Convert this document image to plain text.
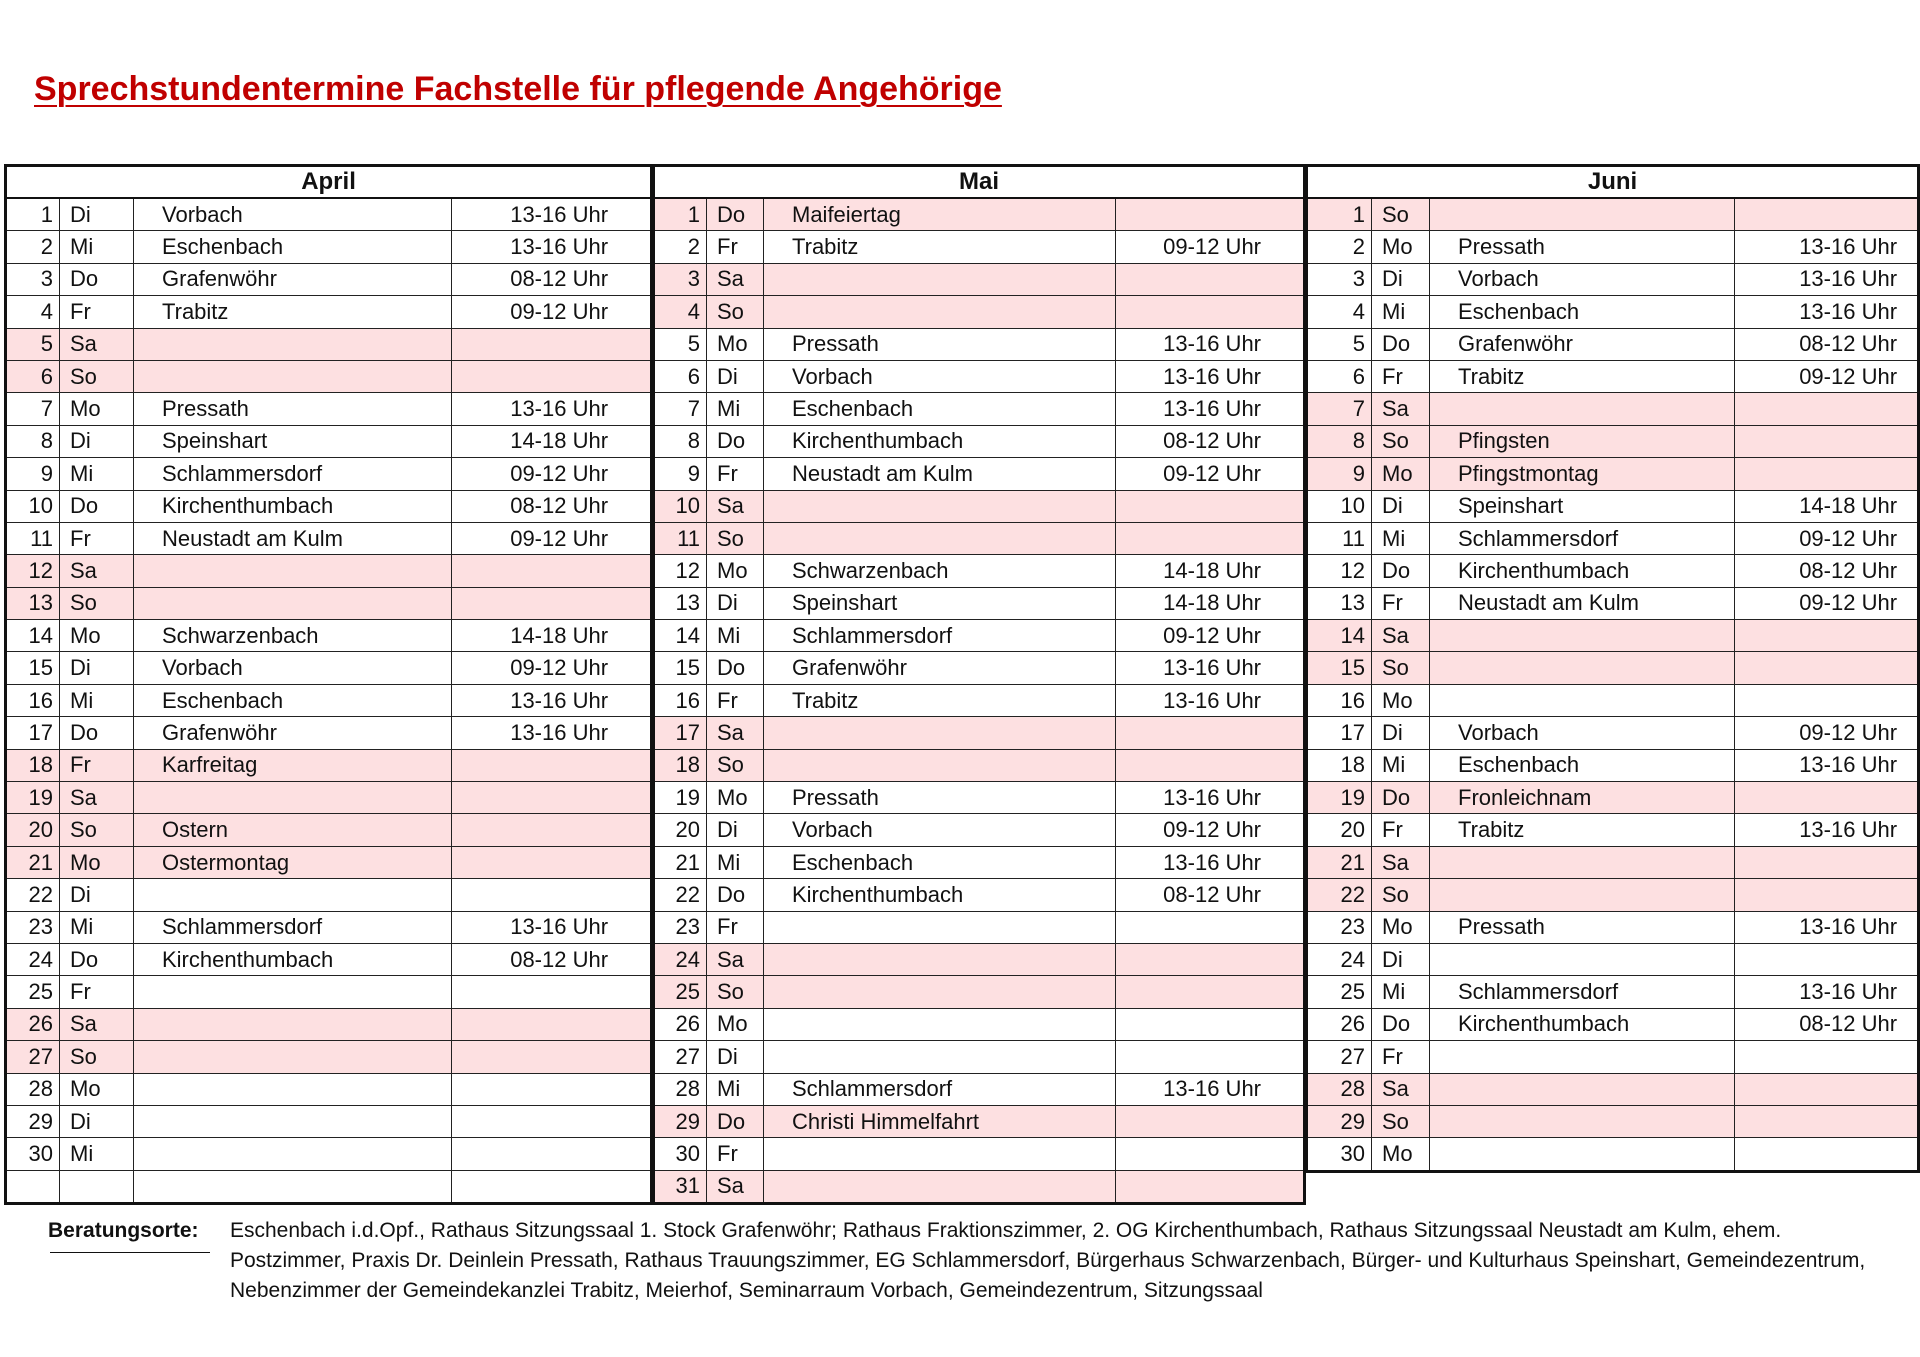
Sprechstundentermine Fachstelle für pflegende Angehörige
April			
1	Di	Vorbach	13-16 Uhr
2	Mi	Eschenbach	13-16 Uhr
3	Do	Grafenwöhr	08-12 Uhr
4	Fr	Trabitz	09-12 Uhr
5	Sa		
6	So		
7	Mo	Pressath	13-16 Uhr
8	Di	Speinshart	14-18 Uhr
9	Mi	Schlammersdorf	09-12 Uhr
10	Do	Kirchenthumbach	08-12 Uhr
11	Fr	Neustadt am Kulm	09-12 Uhr
12	Sa		
13	So		
14	Mo	Schwarzenbach	14-18 Uhr
15	Di	Vorbach	09-12 Uhr
16	Mi	Eschenbach	13-16 Uhr
17	Do	Grafenwöhr	13-16 Uhr
18	Fr	Karfreitag	
19	Sa		
20	So	Ostern	
21	Mo	Ostermontag	
22	Di		
23	Mi	Schlammersdorf	13-16 Uhr
24	Do	Kirchenthumbach	08-12 Uhr
25	Fr		
26	Sa		
27	So		
28	Mo		
29	Di		
30	Mi		

Mai			
1	Do	Maifeiertag	
2	Fr	Trabitz	09-12 Uhr
3	Sa		
4	So		
5	Mo	Pressath	13-16 Uhr
6	Di	Vorbach	13-16 Uhr
7	Mi	Eschenbach	13-16 Uhr
8	Do	Kirchenthumbach	08-12 Uhr
9	Fr	Neustadt am Kulm	09-12 Uhr
10	Sa		
11	So		
12	Mo	Schwarzenbach	14-18 Uhr
13	Di	Speinshart	14-18 Uhr
14	Mi	Schlammersdorf	09-12 Uhr
15	Do	Grafenwöhr	13-16 Uhr
16	Fr	Trabitz	13-16 Uhr
17	Sa		
18	So		
19	Mo	Pressath	13-16 Uhr
20	Di	Vorbach	09-12 Uhr
21	Mi	Eschenbach	13-16 Uhr
22	Do	Kirchenthumbach	08-12 Uhr
23	Fr		
24	Sa		
25	So		
26	Mo		
27	Di		
28	Mi	Schlammersdorf	13-16 Uhr
29	Do	Christi Himmelfahrt	
30	Fr		
31	Sa		
Juni			
1	So		
2	Mo	Pressath	13-16 Uhr
3	Di	Vorbach	13-16 Uhr
4	Mi	Eschenbach	13-16 Uhr
5	Do	Grafenwöhr	08-12 Uhr
6	Fr	Trabitz	09-12 Uhr
7	Sa		
8	So	Pfingsten	
9	Mo	Pfingstmontag	
10	Di	Speinshart	14-18 Uhr
11	Mi	Schlammersdorf	09-12 Uhr
12	Do	Kirchenthumbach	08-12 Uhr
13	Fr	Neustadt am Kulm	09-12 Uhr
14	Sa		
15	So		
16	Mo		
17	Di	Vorbach	09-12 Uhr
18	Mi	Eschenbach	13-16 Uhr
19	Do	Fronleichnam	
20	Fr	Trabitz	13-16 Uhr
21	Sa		
22	So		
23	Mo	Pressath	13-16 Uhr
24	Di		
25	Mi	Schlammersdorf	13-16 Uhr
26	Do	Kirchenthumbach	08-12 Uhr
27	Fr		
28	Sa		
29	So		
30	Mo		
Beratungsorte:	Eschenbach i.d.Opf., Rathaus Sitzungssaal 1. Stock Grafenwöhr; Rathaus Fraktionszimmer, 2. OG Kirchenthumbach, Rathaus Sitzungssaal Neustadt am Kulm, ehem. Postzimmer, Praxis Dr. Deinlein Pressath, Rathaus Trauungszimmer, EG Schlammersdorf, Bürgerhaus Schwarzenbach, Bürger- und Kulturhaus Speinshart, Gemeindezentrum, Nebenzimmer der Gemeindekanzlei Trabitz, Meierhof, Seminarraum Vorbach, Gemeindezentrum, Sitzungssaal
